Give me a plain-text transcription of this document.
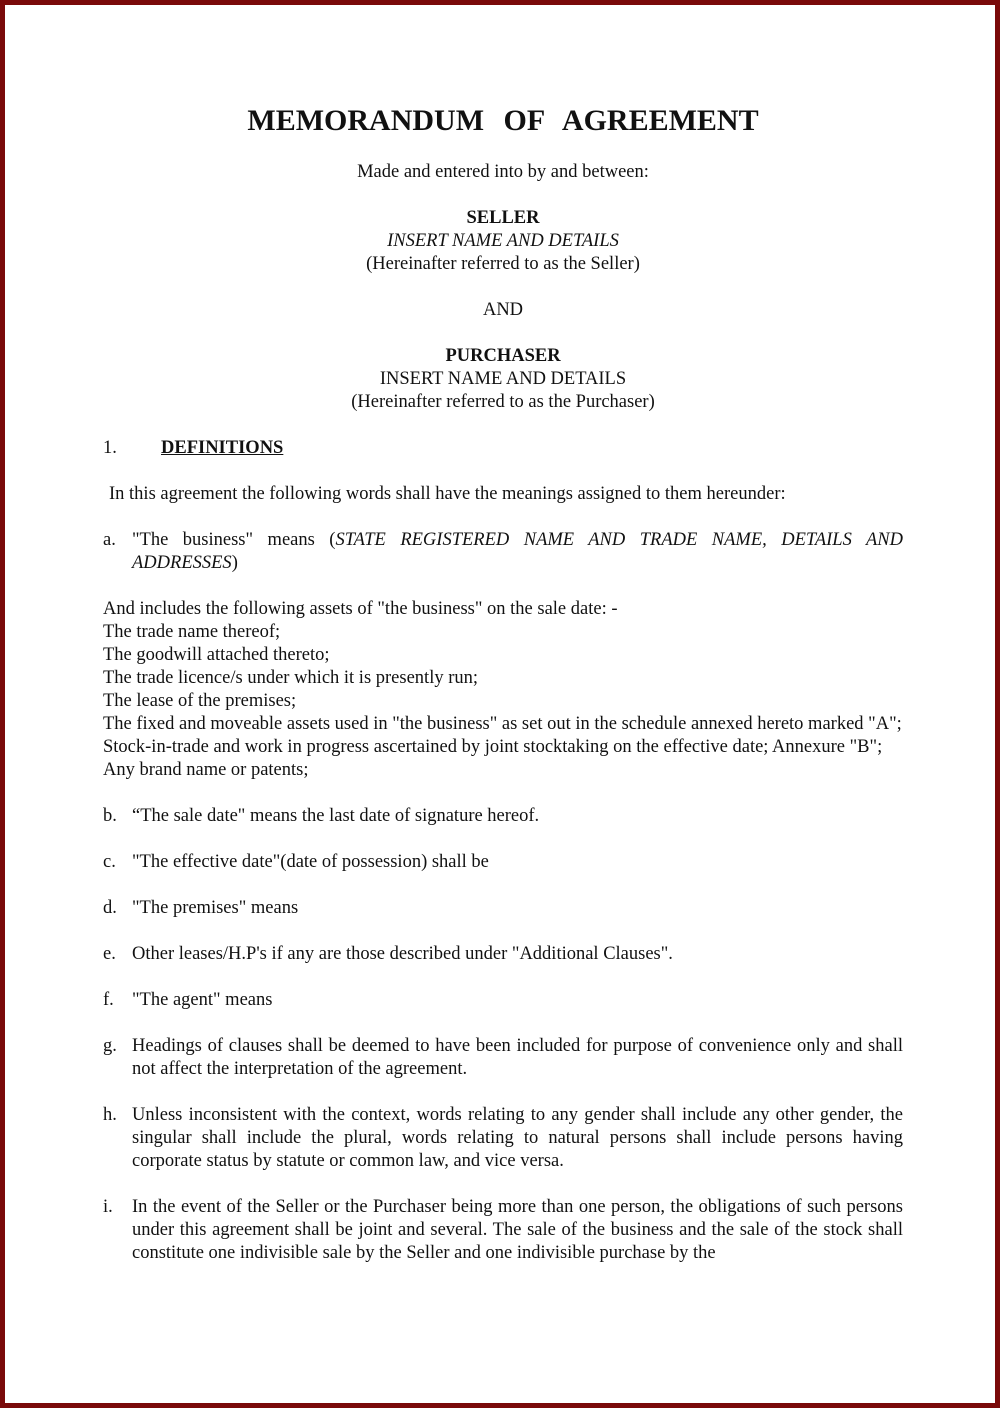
MEMORANDUM OF AGREEMENT
Made and entered into by and between:
SELLER
INSERT NAME AND DETAILS
(Hereinafter referred to as the Seller)
AND
PURCHASER
INSERT NAME AND DETAILS
(Hereinafter referred to as the Purchaser)
1.	DEFINITIONS
In this agreement the following words shall have the meanings assigned to them hereunder:
a. "The business" means (STATE REGISTERED NAME AND TRADE NAME, DETAILS AND ADDRESSES)
And includes the following assets of "the business" on the sale date: -
The trade name thereof;
The goodwill attached thereto;
The trade licence/s under which it is presently run;
The lease of the premises;
The fixed and moveable assets used in "the business" as set out in the schedule annexed hereto marked "A";
Stock-in-trade and work in progress ascertained by joint stocktaking on the effective date; Annexure "B";
Any brand name or patents;
b. “The sale date" means the last date of signature hereof.
c. "The effective date"(date of possession) shall be
d. "The premises" means
e. Other leases/H.P's if any are those described under "Additional Clauses".
f. "The agent" means
g. Headings of clauses shall be deemed to have been included for purpose of convenience only and shall not affect the interpretation of the agreement.
h. Unless inconsistent with the context, words relating to any gender shall include any other gender, the singular shall include the plural, words relating to natural persons shall include persons having corporate status by statute or common law, and vice versa.
i.	In the event of the Seller or the Purchaser being more than one person, the obligations of such persons under this agreement shall be joint and several. The sale of the business and the sale of the stock shall constitute one indivisible sale by the Seller and one indivisible purchase by the
